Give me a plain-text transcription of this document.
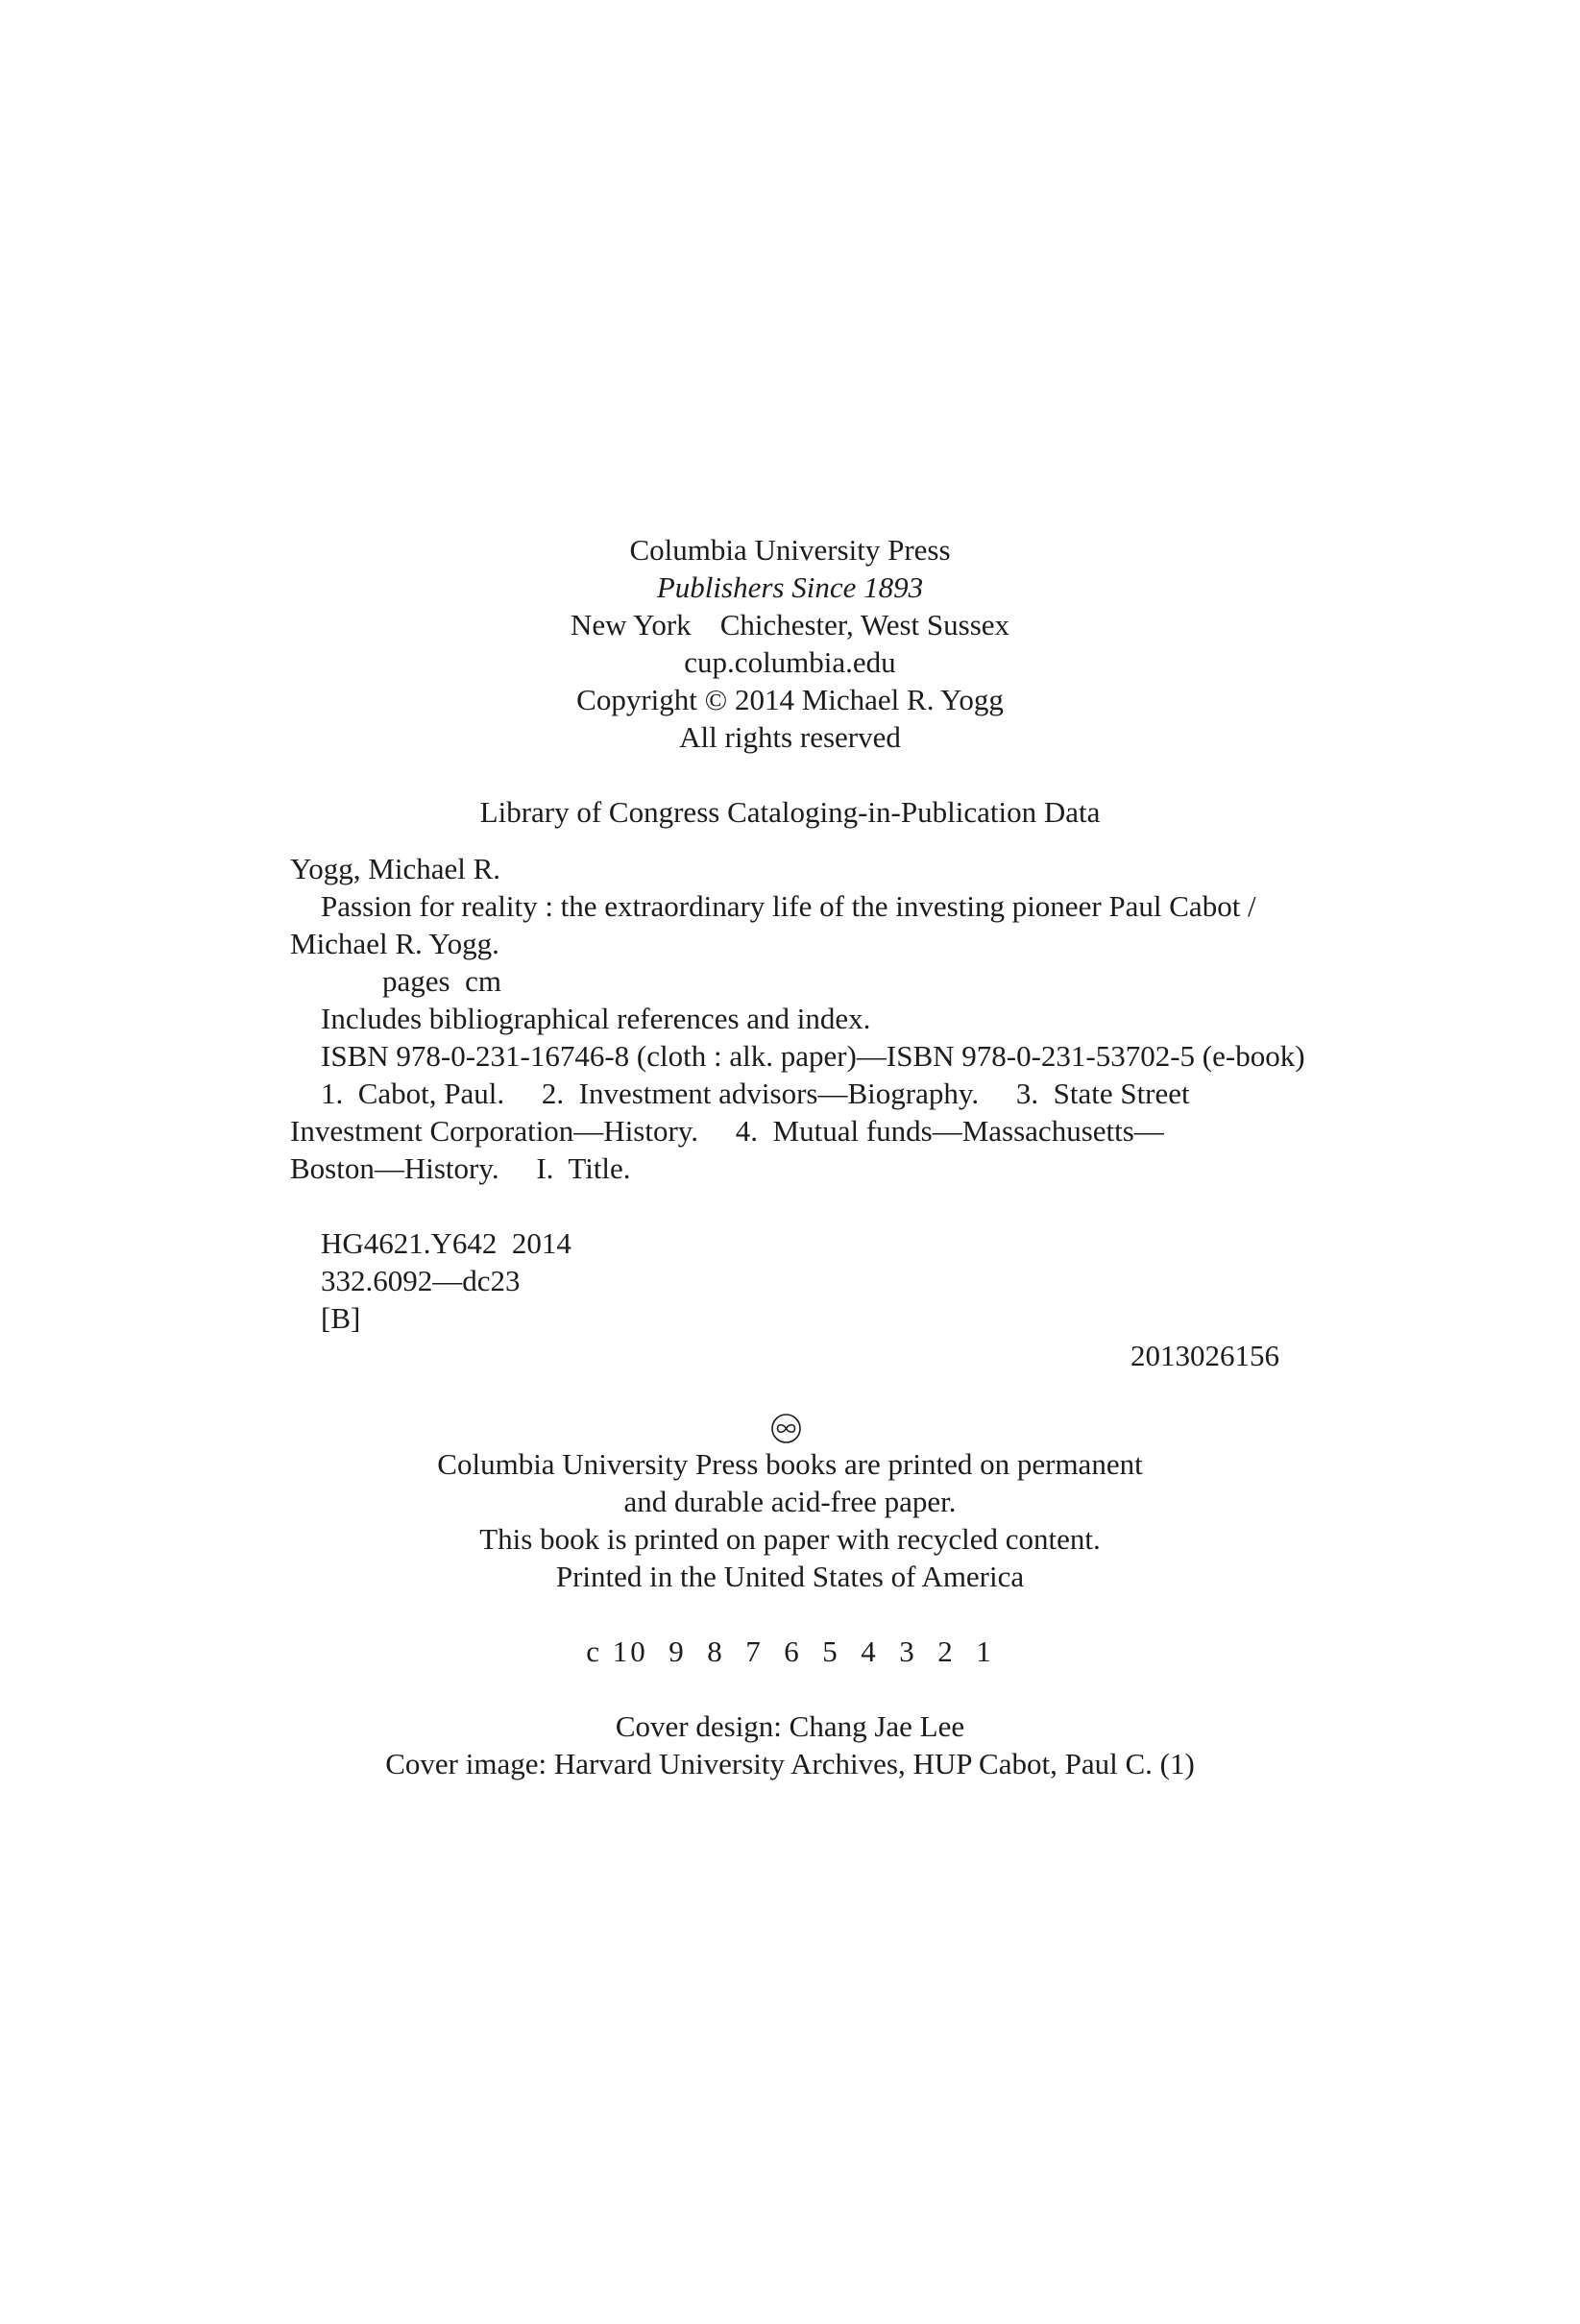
Columbia University Press
Publishers Since 1893
New York Chichester, West Sussex
cup.columbia.edu
Copyright © 2014 Michael R. Yogg
All rights reserved
Library of Congress Cataloging-in-Publication Data
Yogg, Michael R.
Passion for reality : the extraordinary life of the investing pioneer Paul Cabot /
Michael R. Yogg.
pages  cm
Includes bibliographical references and index.
ISBN 978-0-231-16746-8 (cloth : alk. paper)—ISBN 978-0-231-53702-5 (e-book)
1.  Cabot, Paul.     2.  Investment advisors—Biography.     3.  State Street
Investment Corporation—History.     4.  Mutual funds—Massachusetts—
Boston—History.     I.  Title.
HG4621.Y642  2014
332.6092—dc23
[B]
2013026156
Columbia University Press books are printed on permanent
and durable acid-free paper.
This book is printed on paper with recycled content.
Printed in the United States of America
c 10  9  8  7  6  5  4  3  2  1
Cover design: Chang Jae Lee
Cover image: Harvard University Archives, HUP Cabot, Paul C. (1)
